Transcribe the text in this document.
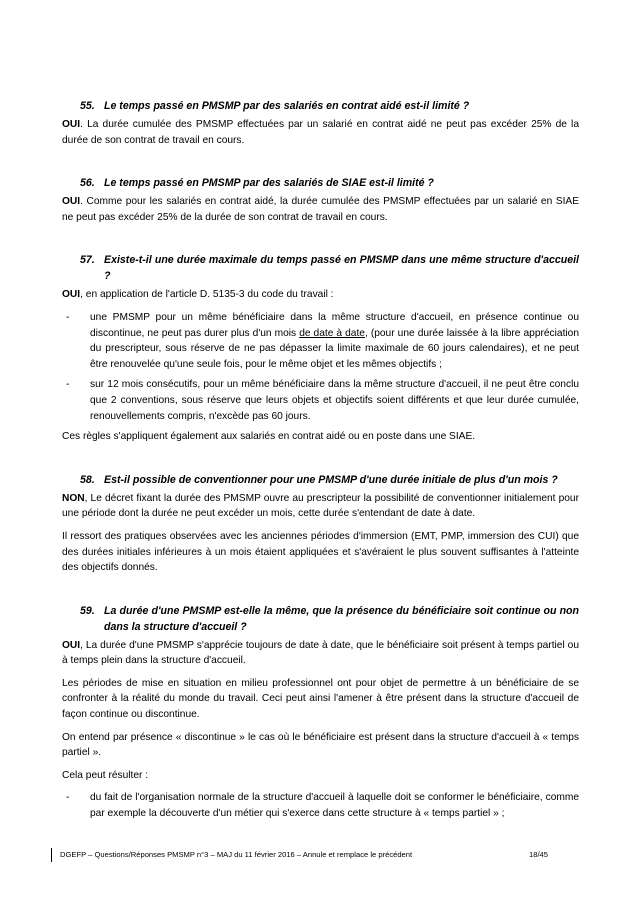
55. Le temps passé en PMSMP par des salariés en contrat aidé est-il limité ?
OUI. La durée cumulée des PMSMP effectuées par un salarié en contrat aidé ne peut pas excéder 25% de la durée de son contrat de travail en cours.
56. Le temps passé en PMSMP par des salariés de SIAE est-il limité ?
OUI. Comme pour les salariés en contrat aidé, la durée cumulée des PMSMP effectuées par un salarié en SIAE ne peut pas excéder 25% de la durée de son contrat de travail en cours.
57. Existe-t-il une durée maximale du temps passé en PMSMP dans une même structure d'accueil ?
OUI, en application de l'article D. 5135-3 du code du travail :
- une PMSMP pour un même bénéficiaire dans la même structure d'accueil, en présence continue ou discontinue, ne peut pas durer plus d'un mois de date à date, (pour une durée laissée à la libre appréciation du prescripteur, sous réserve de ne pas dépasser la limite maximale de 60 jours calendaires), et ne peut être renouvelée qu'une seule fois, pour le même objet et les mêmes objectifs ;
- sur 12 mois consécutifs, pour un même bénéficiaire dans la même structure d'accueil, il ne peut être conclu que 2 conventions, sous réserve que leurs objets et objectifs soient différents et que leur durée cumulée, renouvellements compris, n'excède pas 60 jours.
Ces règles s'appliquent également aux salariés en contrat aidé ou en poste dans une SIAE.
58. Est-il possible de conventionner pour une PMSMP d'une durée initiale de plus d'un mois ?
NON, Le décret fixant la durée des PMSMP ouvre au prescripteur la possibilité de conventionner initialement pour une période dont la durée ne peut excéder un mois, cette durée s'entendant de date à date.
Il ressort des pratiques observées avec les anciennes périodes d'immersion (EMT, PMP, immersion des CUI) que des durées initiales inférieures à un mois étaient appliquées et s'avéraient le plus souvent suffisantes à l'atteinte des objectifs donnés.
59. La durée d'une PMSMP est-elle la même, que la présence du bénéficiaire soit continue ou non dans la structure d'accueil ?
OUI, La durée d'une PMSMP s'apprécie toujours de date à date, que le bénéficiaire soit présent à temps partiel ou à temps plein dans la structure d'accueil.
Les périodes de mise en situation en milieu professionnel ont pour objet de permettre à un bénéficiaire de se confronter à la réalité du monde du travail. Ceci peut ainsi l'amener à être présent dans la structure d'accueil de façon continue ou discontinue.
On entend par présence « discontinue » le cas où le bénéficiaire est présent dans la structure d'accueil à « temps partiel ».
Cela peut résulter :
- du fait de l'organisation normale de la structure d'accueil à laquelle doit se conformer le bénéficiaire, comme par exemple la découverte d'un métier qui s'exerce dans cette structure à « temps partiel » ;
DGEFP – Questions/Réponses PMSMP n°3 – MAJ du 11 février 2016 – Annule et remplace le précédent	18/45
